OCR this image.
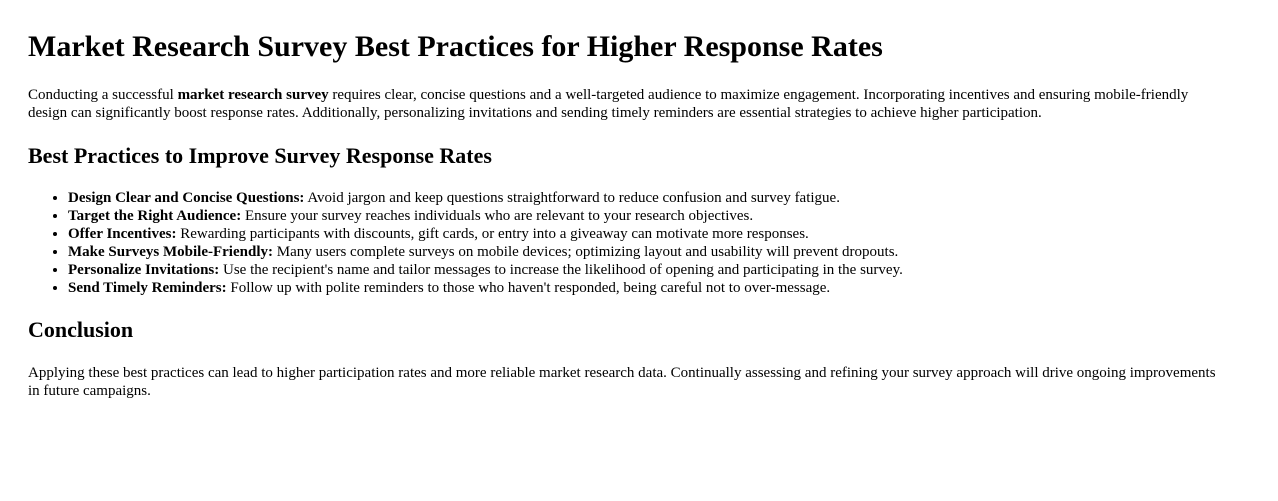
Market Research Survey Best Practices for Higher Response Rates

Conducting a successful market research survey requires clear, concise questions and a well-targeted audience to maximize engagement. Incorporating incentives and ensuring mobile-friendly design can significantly boost response rates. Additionally, personalizing invitations and sending timely reminders are essential strategies to achieve higher participation.

Best Practices to Improve Survey Response Rates
• Design Clear and Concise Questions: Avoid jargon and keep questions straightforward to reduce confusion and survey fatigue.
• Target the Right Audience: Ensure your survey reaches individuals who are relevant to your research objectives.
• Offer Incentives: Rewarding participants with discounts, gift cards, or entry into a giveaway can motivate more responses.
• Make Surveys Mobile-Friendly: Many users complete surveys on mobile devices; optimizing layout and usability will prevent dropouts.
• Personalize Invitations: Use the recipient's name and tailor messages to increase the likelihood of opening and participating in the survey.
• Send Timely Reminders: Follow up with polite reminders to those who haven't responded, being careful not to over-message.
Conclusion

Applying these best practices can lead to higher participation rates and more reliable market research data. Continually assessing and refining your survey approach will drive ongoing improvements in future campaigns.
